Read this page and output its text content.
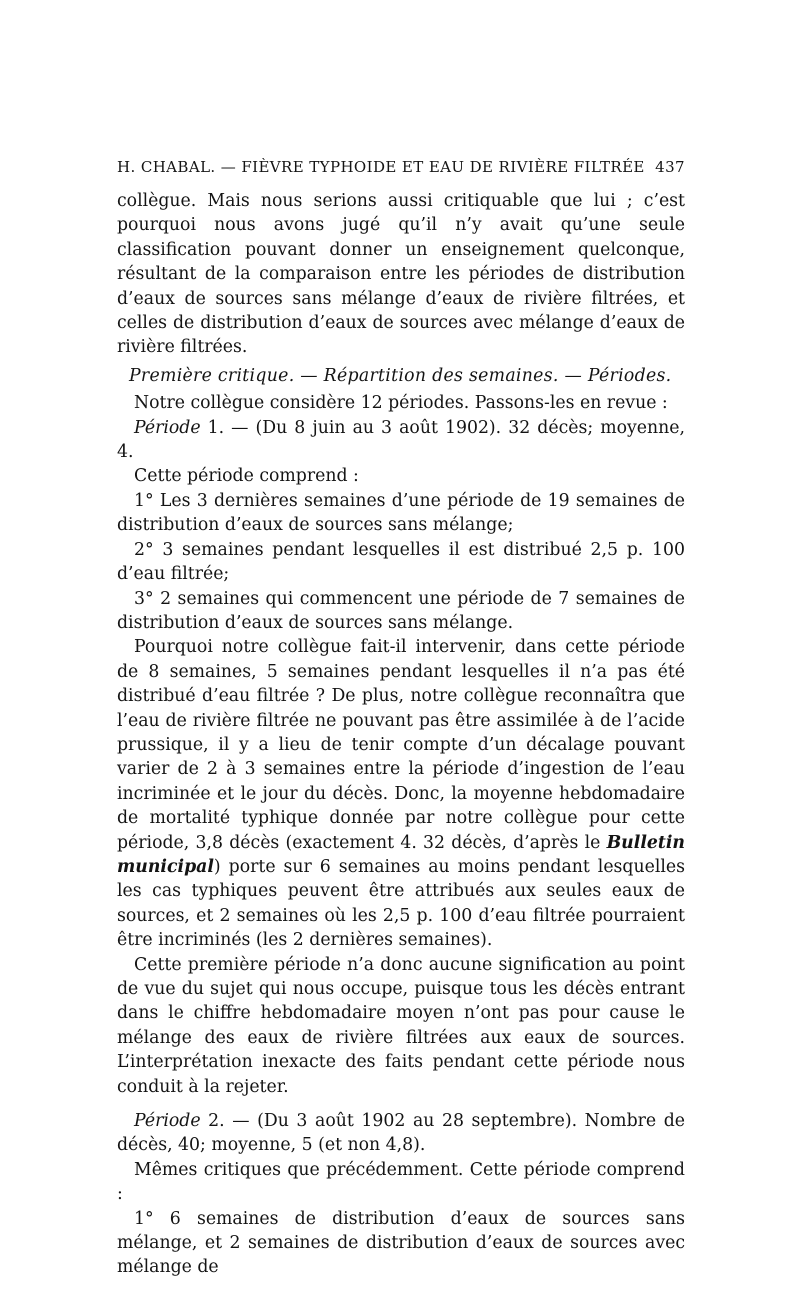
H. CHABAL. — FIÈVRE TYPHOIDE ET EAU DE RIVIÈRE FILTRÉE 437

collègue. Mais nous serions aussi critiquable que lui ; c’est pourquoi nous avons jugé qu’il n’y avait qu’une seule classification pouvant donner un enseignement quelconque, résultant de la comparaison entre les périodes de distribution d’eaux de sources sans mélange d’eaux de rivière filtrées, et celles de distribution d’eaux de sources avec mélange d’eaux de rivière filtrées.

Première critique. — Répartition des semaines. — Périodes.

Notre collègue considère 12 périodes. Passons-les en revue :

Période 1. — (Du 8 juin au 3 août 1902). 32 décès; moyenne, 4.

Cette période comprend :

1° Les 3 dernières semaines d’une période de 19 semaines de distribution d’eaux de sources sans mélange;

2° 3 semaines pendant lesquelles il est distribué 2,5 p. 100 d’eau filtrée;

3° 2 semaines qui commencent une période de 7 semaines de distribution d’eaux de sources sans mélange.

Pourquoi notre collègue fait-il intervenir, dans cette période de 8 semaines, 5 semaines pendant lesquelles il n’a pas été distribué d’eau filtrée ? De plus, notre collègue reconnaîtra que l’eau de rivière filtrée ne pouvant pas être assimilée à de l’acide prussique, il y a lieu de tenir compte d’un décalage pouvant varier de 2 à 3 semaines entre la période d’ingestion de l’eau incriminée et le jour du décès. Donc, la moyenne hebdomadaire de mortalité typhique donnée par notre collègue pour cette période, 3,8 décès (exactement 4. 32 décès, d’après le Bulletin municipal) porte sur 6 semaines au moins pendant lesquelles les cas typhiques peuvent être attribués aux seules eaux de sources, et 2 semaines où les 2,5 p. 100 d’eau filtrée pourraient être incriminés (les 2 dernières semaines).

Cette première période n’a donc aucune signification au point de vue du sujet qui nous occupe, puisque tous les décès entrant dans le chiffre hebdomadaire moyen n’ont pas pour cause le mélange des eaux de rivière filtrées aux eaux de sources. L’interprétation inexacte des faits pendant cette période nous conduit à la rejeter.

Période 2. — (Du 3 août 1902 au 28 septembre). Nombre de décès, 40; moyenne, 5 (et non 4,8).

Mêmes critiques que précédemment. Cette période comprend :

1° 6 semaines de distribution d’eaux de sources sans mélange, et 2 semaines de distribution d’eaux de sources avec mélange de
